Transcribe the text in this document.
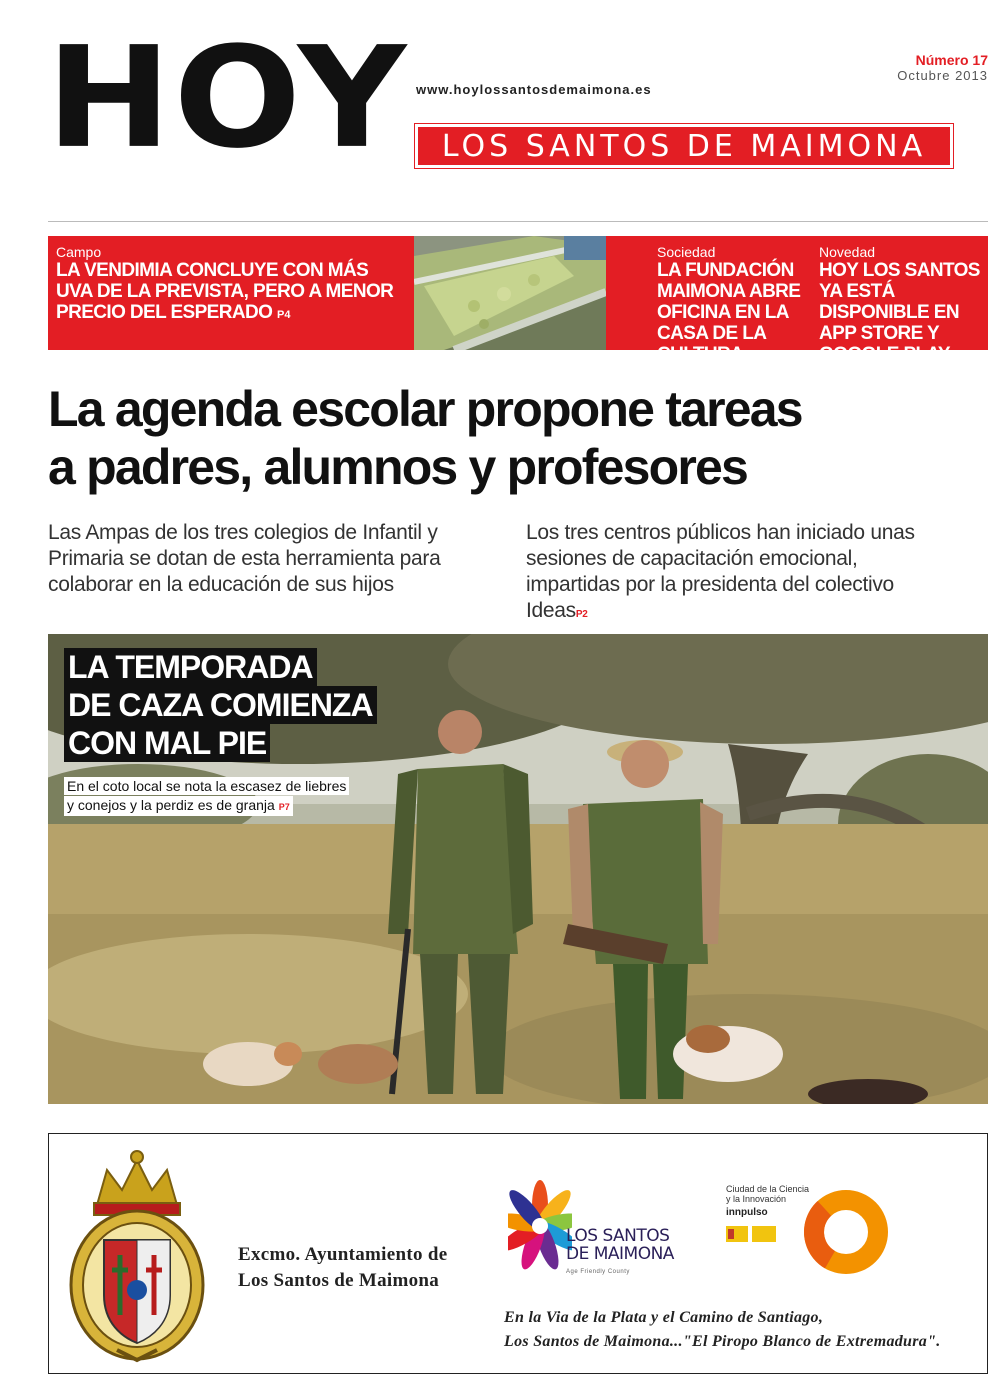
HOY www.hoylossantosdemaimona.es
LOS SANTOS DE MAIMONA
Número 17
Octubre 2013
Campo
LA VENDIMIA CONCLUYE CON MÁS UVA DE LA PREVISTA, PERO A MENOR PRECIO DEL ESPERADO P4
Sociedad
LA FUNDACIÓN MAIMONA ABRE OFICINA EN LA CASA DE LA CULTURA P5
Novedad
HOY LOS SANTOS YA ESTÁ DISPONIBLE EN APP STORE Y GOOGLE PLAY P13
La agenda escolar propone tareas
a padres, alumnos y profesores
Las Ampas de los tres colegios de Infantil y Primaria se dotan de esta herramienta para colaborar en la educación de sus hijos
Los tres centros públicos han iniciado unas sesiones de capacitación emocional, impartidas por la presidenta del colectivo IdeasP2
LA TEMPORADA
DE CAZA COMIENZA
CON MAL PIE
En el coto local se nota la escasez de liebres
y conejos y la perdiz es de granja P7
Excmo. Ayuntamiento de
Los Santos de Maimona
LOS SANTOS
DE MAIMONA
Age Friendly County
Ciudad de la Ciencia
y la Innovación
innpulso
En la Via de la Plata y el Camino de Santiago,
Los Santos de Maimona..."El Piropo Blanco de Extremadura".
